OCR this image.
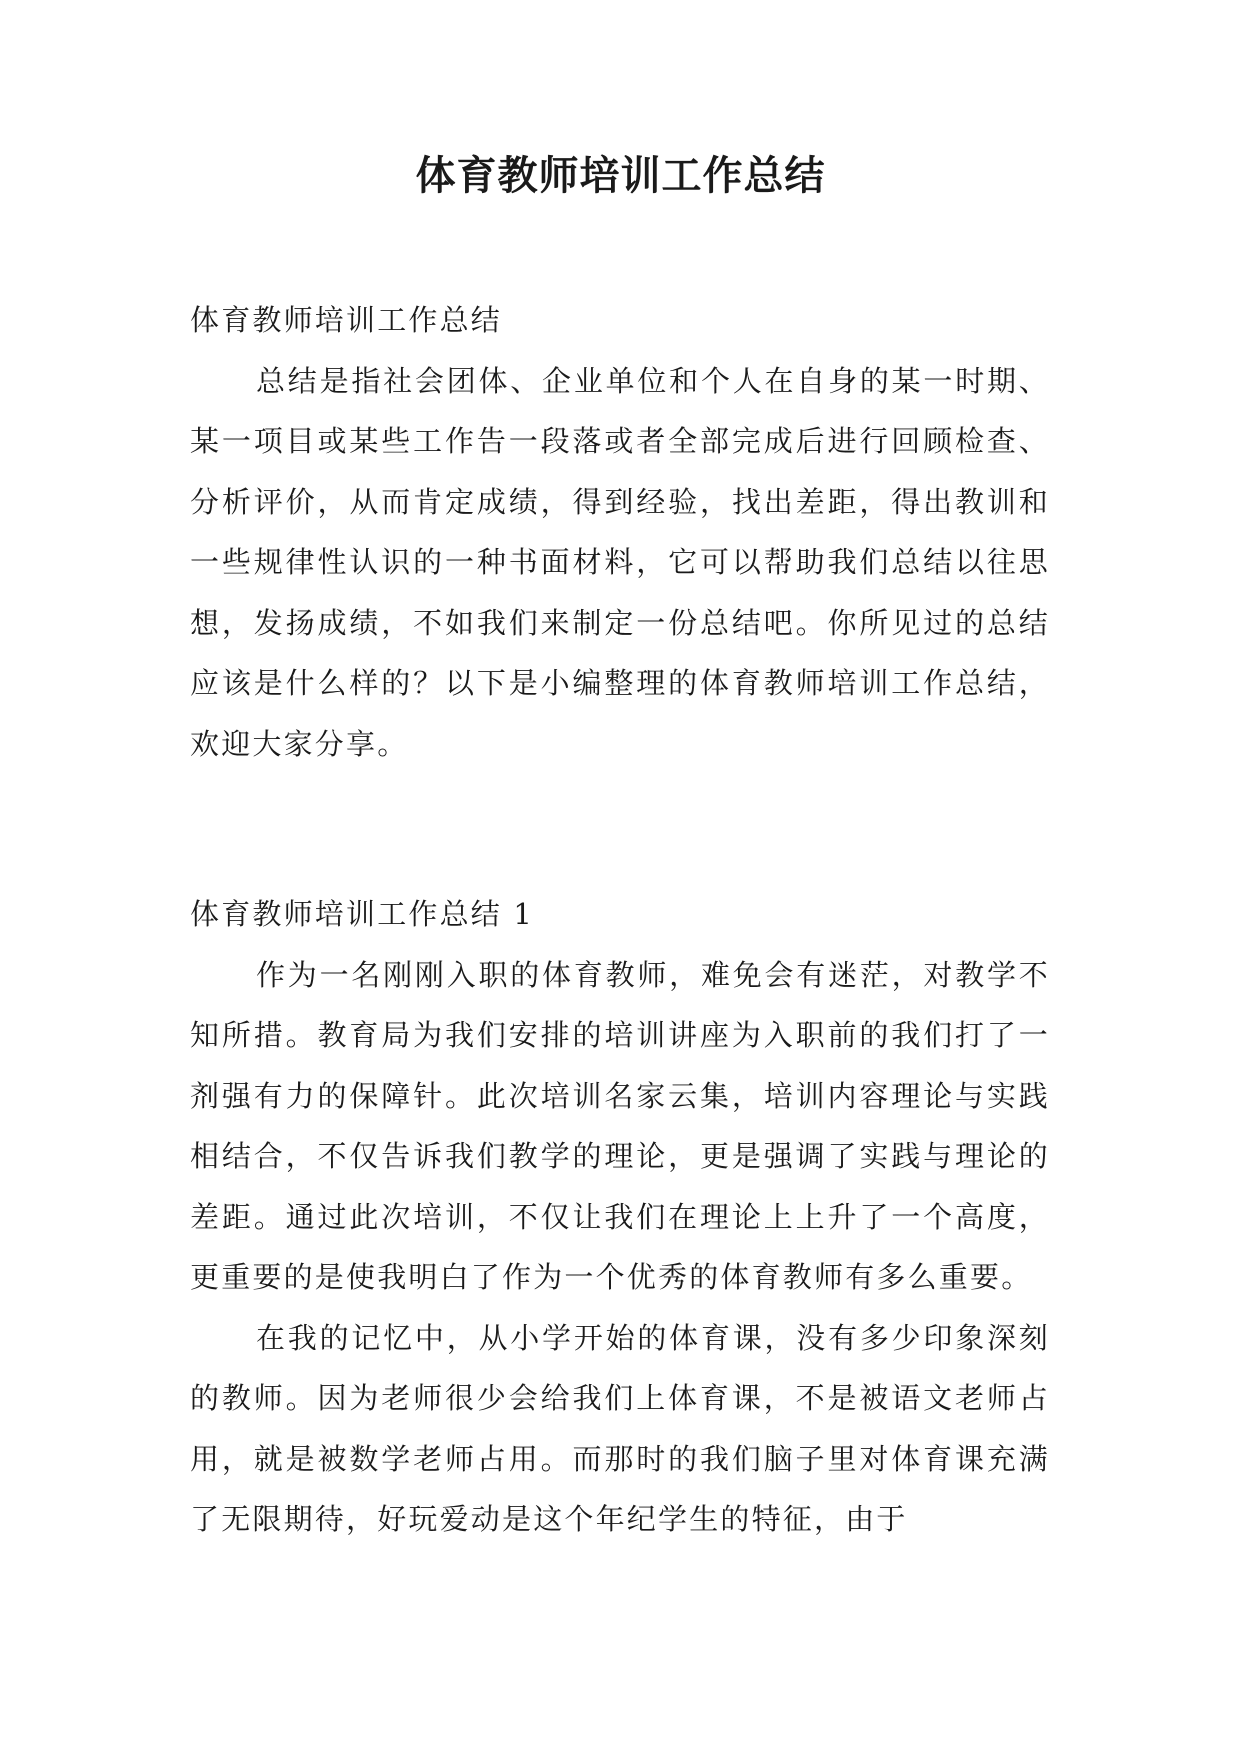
体育教师培训工作总结
体育教师培训工作总结

总结是指社会团体、企业单位和个人在自身的某一时期、某一项目或某些工作告一段落或者全部完成后进行回顾检查、分析评价，从而肯定成绩，得到经验，找出差距，得出教训和一些规律性认识的一种书面材料，它可以帮助我们总结以往思想，发扬成绩，不如我们来制定一份总结吧。你所见过的总结应该是什么样的？以下是小编整理的体育教师培训工作总结，欢迎大家分享。

体育教师培训工作总结 1

作为一名刚刚入职的体育教师，难免会有迷茫，对教学不知所措。教育局为我们安排的培训讲座为入职前的我们打了一剂强有力的保障针。此次培训名家云集，培训内容理论与实践相结合，不仅告诉我们教学的理论，更是强调了实践与理论的差距。通过此次培训，不仅让我们在理论上上升了一个高度，更重要的是使我明白了作为一个优秀的体育教师有多么重要。

在我的记忆中，从小学开始的体育课，没有多少印象深刻的教师。因为老师很少会给我们上体育课，不是被语文老师占用，就是被数学老师占用。而那时的我们脑子里对体育课充满了无限期待，好玩爱动是这个年纪学生的特征，由于
